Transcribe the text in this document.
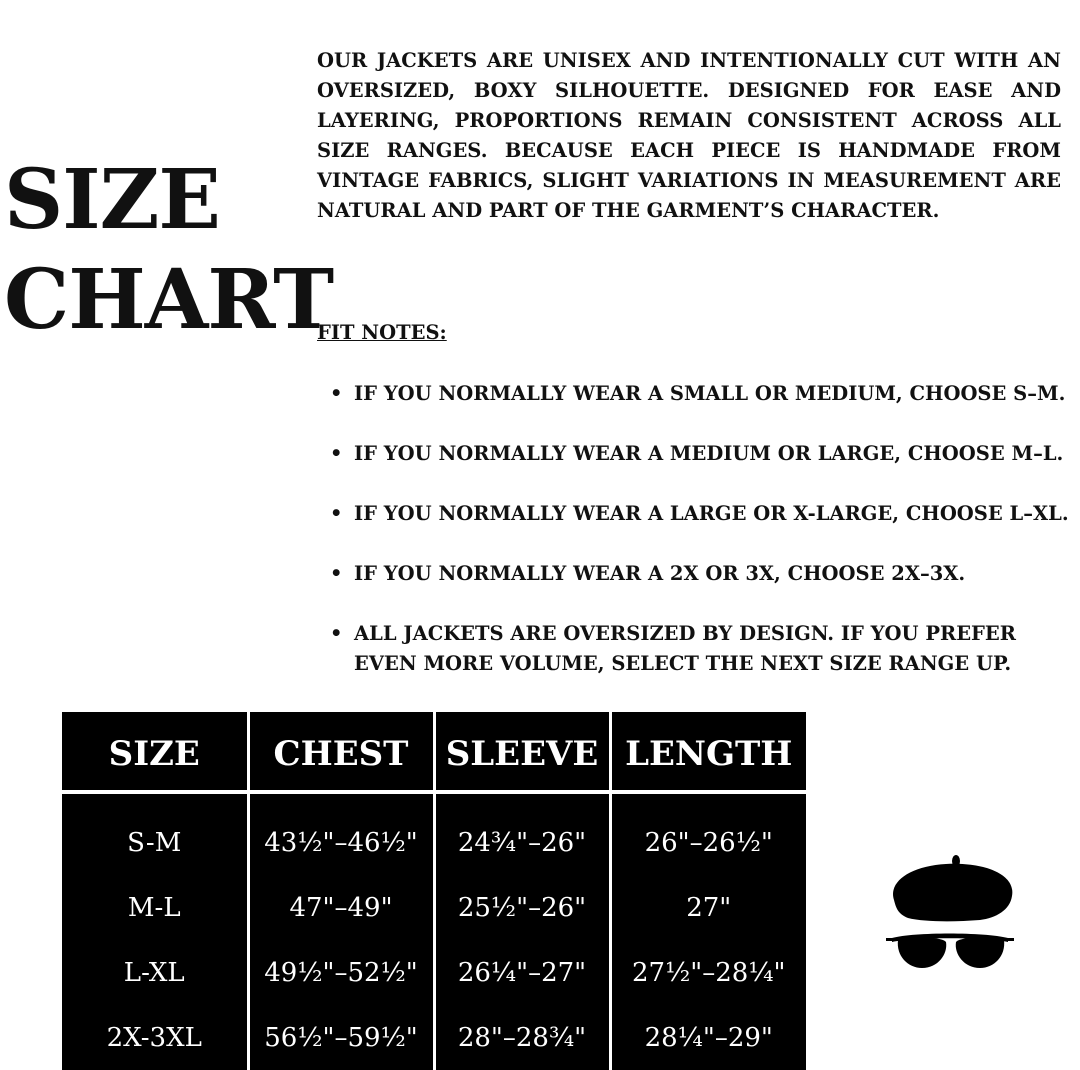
SIZE
CHART

OUR JACKETS ARE UNISEX AND INTENTIONALLY CUT WITH AN OVERSIZED, BOXY SILHOUETTE. DESIGNED FOR EASE AND LAYERING, PROPORTIONS REMAIN CONSISTENT ACROSS ALL SIZE RANGES. BECAUSE EACH PIECE IS HANDMADE FROM VINTAGE FABRICS, SLIGHT VARIATIONS IN MEASUREMENT ARE NATURAL AND PART OF THE GARMENT’S CHARACTER.

FIT NOTES:
• IF YOU NORMALLY WEAR A SMALL OR MEDIUM, CHOOSE S–M.
• IF YOU NORMALLY WEAR A MEDIUM OR LARGE, CHOOSE M–L.
• IF YOU NORMALLY WEAR A LARGE OR X-LARGE, CHOOSE L–XL.
• IF YOU NORMALLY WEAR A 2X OR 3X, CHOOSE 2X–3X.
• ALL JACKETS ARE OVERSIZED BY DESIGN. IF YOU PREFER EVEN MORE VOLUME, SELECT THE NEXT SIZE RANGE UP.
SIZE	CHEST	SLEEVE	LENGTH
S-M	43½"–46½"	24¾"–26"	26"–26½"
M-L	47"–49"	25½"–26"	27"
L-XL	49½"–52½"	26¼"–27"	27½"–28¼"
2X-3XL	56½"–59½"	28"–28¾"	28¼"–29"
